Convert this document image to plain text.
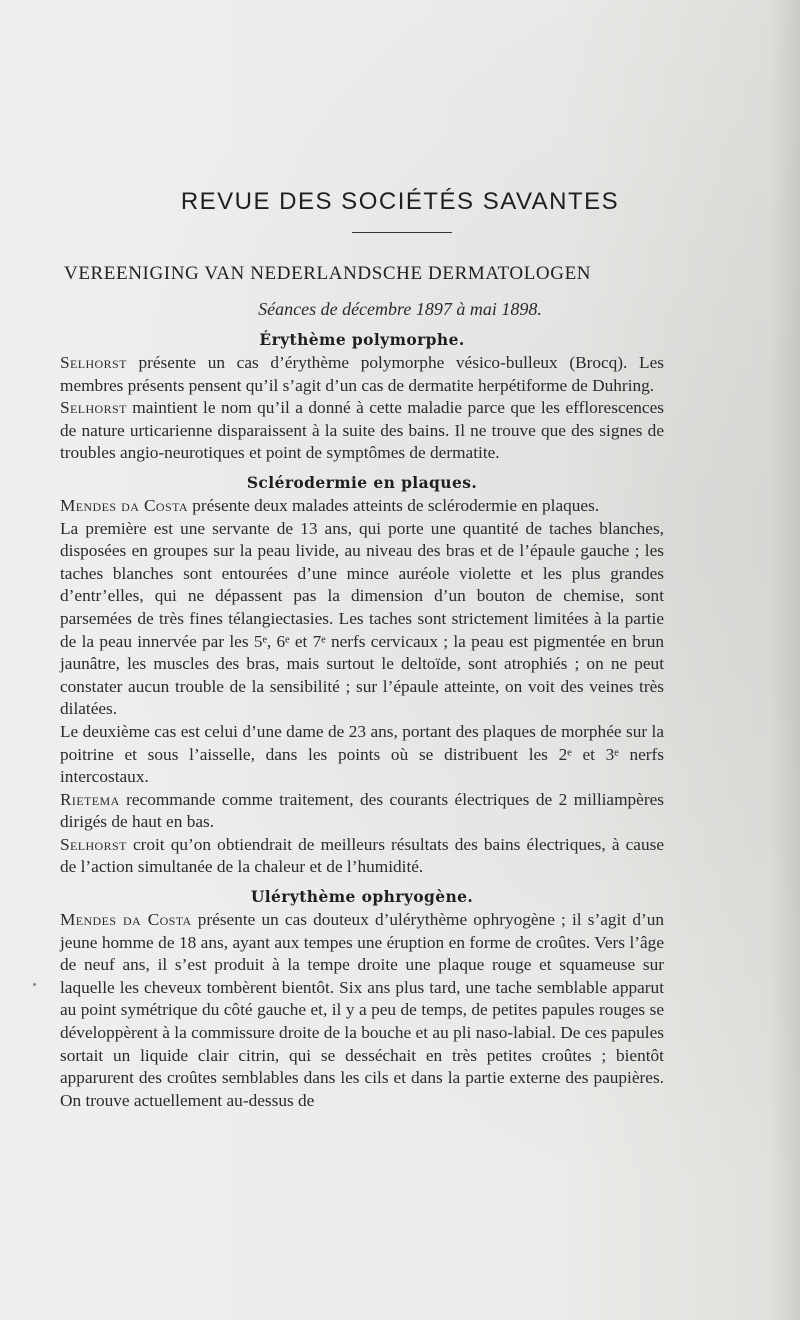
REVUE DES SOCIÉTÉS SAVANTES
VEREENIGING VAN NEDERLANDSCHE DERMATOLOGEN
Séances de décembre 1897 à mai 1898.
Érythème polymorphe.

Selhorst présente un cas d’érythème polymorphe vésico-bulleux (Brocq). Les membres présents pensent qu’il s’agit d’un cas de dermatite herpétiforme de Duhring.

Selhorst maintient le nom qu’il a donné à cette maladie parce que les efflorescences de nature urticarienne disparaissent à la suite des bains. Il ne trouve que des signes de troubles angio-neurotiques et point de symptômes de dermatite.

Sclérodermie en plaques.

Mendes da Costa présente deux malades atteints de sclérodermie en plaques.

La première est une servante de 13 ans, qui porte une quantité de taches blanches, disposées en groupes sur la peau livide, au niveau des bras et de l’épaule gauche ; les taches blanches sont entourées d’une mince auréole violette et les plus grandes d’entr’elles, qui ne dépassent pas la dimension d’un bouton de chemise, sont parsemées de très fines télangiectasies. Les taches sont strictement limitées à la partie de la peau innervée par les 5ᵉ, 6ᵉ et 7ᵉ nerfs cervicaux ; la peau est pigmentée en brun jaunâtre, les muscles des bras, mais surtout le deltoïde, sont atrophiés ; on ne peut constater aucun trouble de la sensibilité ; sur l’épaule atteinte, on voit des veines très dilatées.

Le deuxième cas est celui d’une dame de 23 ans, portant des plaques de morphée sur la poitrine et sous l’aisselle, dans les points où se distribuent les 2ᵉ et 3ᵉ nerfs intercostaux.

Rietema recommande comme traitement, des courants électriques de 2 milliampères dirigés de haut en bas.

Selhorst croit qu’on obtiendrait de meilleurs résultats des bains électriques, à cause de l’action simultanée de la chaleur et de l’humidité.

Ulérythème ophryogène.

Mendes da Costa présente un cas douteux d’ulérythème ophryogène ; il s’agit d’un jeune homme de 18 ans, ayant aux tempes une éruption en forme de croûtes. Vers l’âge de neuf ans, il s’est produit à la tempe droite une plaque rouge et squameuse sur laquelle les cheveux tombèrent bientôt. Six ans plus tard, une tache semblable apparut au point symétrique du côté gauche et, il y a peu de temps, de petites papules rouges se développèrent à la commissure droite de la bouche et au pli naso-labial. De ces papules sortait un liquide clair citrin, qui se desséchait en très petites croûtes ; bientôt apparurent des croûtes semblables dans les cils et dans la partie externe des paupières. On trouve actuellement au-dessus de
